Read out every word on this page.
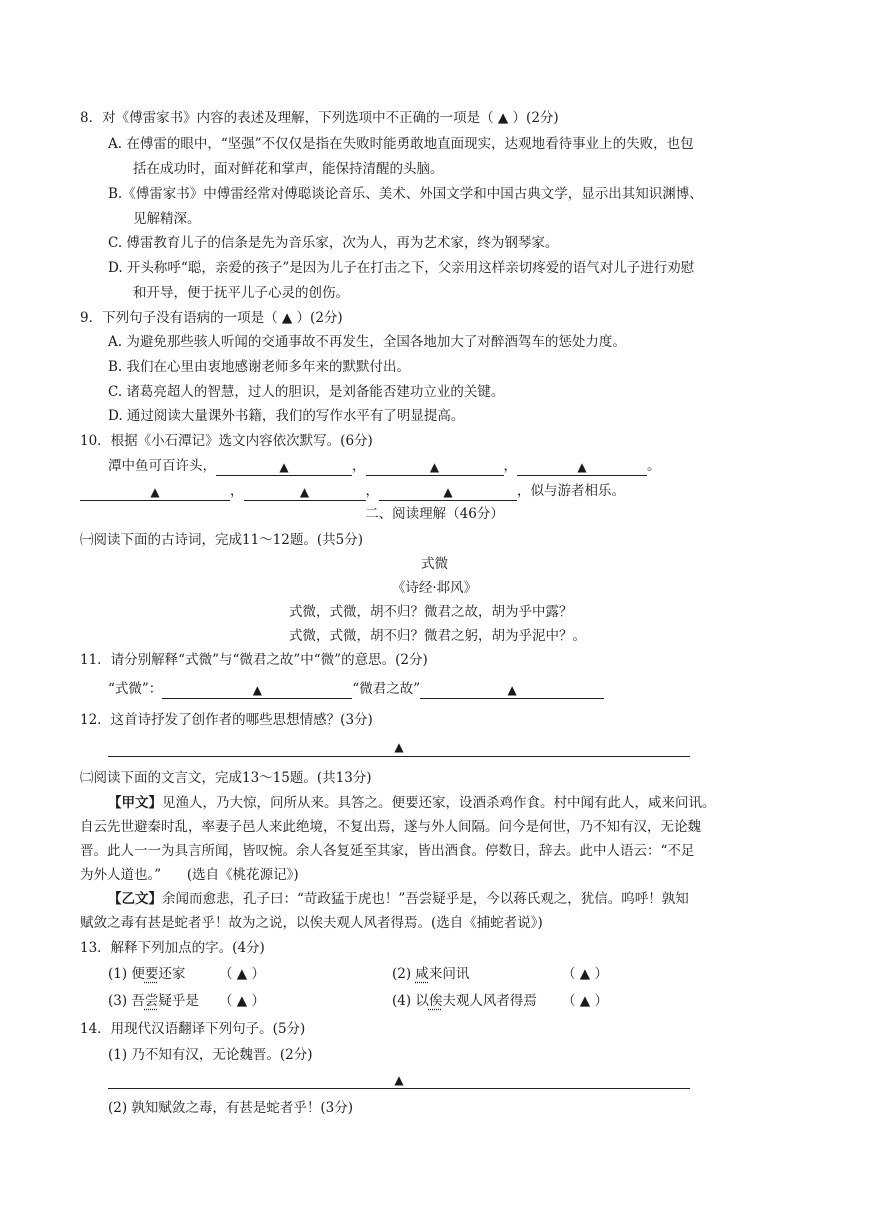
8．对《傅雷家书》内容的表述及理解，下列选项中不正确的一项是（ ▲ ）(2分)
A. 在傅雷的眼中，“坚强”不仅仅是指在失败时能勇敢地直面现实，达观地看待事业上的失败，也包
括在成功时，面对鲜花和掌声，能保持清醒的头脑。
B.《傅雷家书》中傅雷经常对傅聪谈论音乐、美术、外国文学和中国古典文学，显示出其知识渊博、
见解精深。
C. 傅雷教育儿子的信条是先为音乐家，次为人，再为艺术家，终为钢琴家。
D. 开头称呼“聪，亲爱的孩子”是因为儿子在打击之下，父亲用这样亲切疼爱的语气对儿子进行劝慰
和开导，便于抚平儿子心灵的创伤。
9．下列句子没有语病的一项是（ ▲ ）(2分)
A. 为避免那些骇人听闻的交通事故不再发生，全国各地加大了对醉酒驾车的惩处力度。
B. 我们在心里由衷地感谢老师多年来的默默付出。
C. 诸葛亮超人的智慧，过人的胆识，是刘备能否建功立业的关键。
D. 通过阅读大量课外书籍，我们的写作水平有了明显提高。
10．根据《小石潭记》选文内容依次默写。(6分)
潭中鱼可百许头，	▲	，	▲	，	▲	。
▲	，	▲	，	▲	，似与游者相乐。
二、阅读理解（46分）
㈠阅读下面的古诗词，完成11～12题。(共5分)
式微
《诗经·邶风》
式微，式微，胡不归？微君之故，胡为乎中露？
式微，式微，胡不归？微君之躬，胡为乎泥中？。
11．请分别解释“式微”与“微君之故”中“微”的意思。(2分)
“式微”：	▲	“微君之故”	▲
12．这首诗抒发了创作者的哪些思想情感？(3分)
▲
㈡阅读下面的文言文，完成13～15题。(共13分)
【甲文】见渔人，乃大惊，问所从来。具答之。便要还家，设酒杀鸡作食。村中闻有此人，咸来问讯。
自云先世避秦时乱，率妻子邑人来此绝境，不复出焉，遂与外人间隔。问今是何世，乃不知有汉，无论魏
晋。此人一一为具言所闻，皆叹惋。余人各复延至其家，皆出酒食。停数日，辞去。此中人语云：“不足
为外人道也。”      (选自《桃花源记》)
【乙文】余闻而愈悲，孔子曰：“苛政猛于虎也！”吾尝疑乎是，今以蒋氏观之，犹信。呜呼！孰知
赋敛之毒有甚是蛇者乎！故为之说，以俟夫观人风者得焉。(选自《捕蛇者说》)
13．解释下列加点的字。(4分)
(1) 便要还家 （ ▲ ）	(2) 咸来问讯	（ ▲ ）
(3) 吾尝疑乎是 （ ▲ ）	(4) 以俟夫观人风者得焉 （ ▲ ）
14．用现代汉语翻译下列句子。(5分)
(1) 乃不知有汉，无论魏晋。(2分)
▲
(2) 孰知赋敛之毒，有甚是蛇者乎！(3分)
